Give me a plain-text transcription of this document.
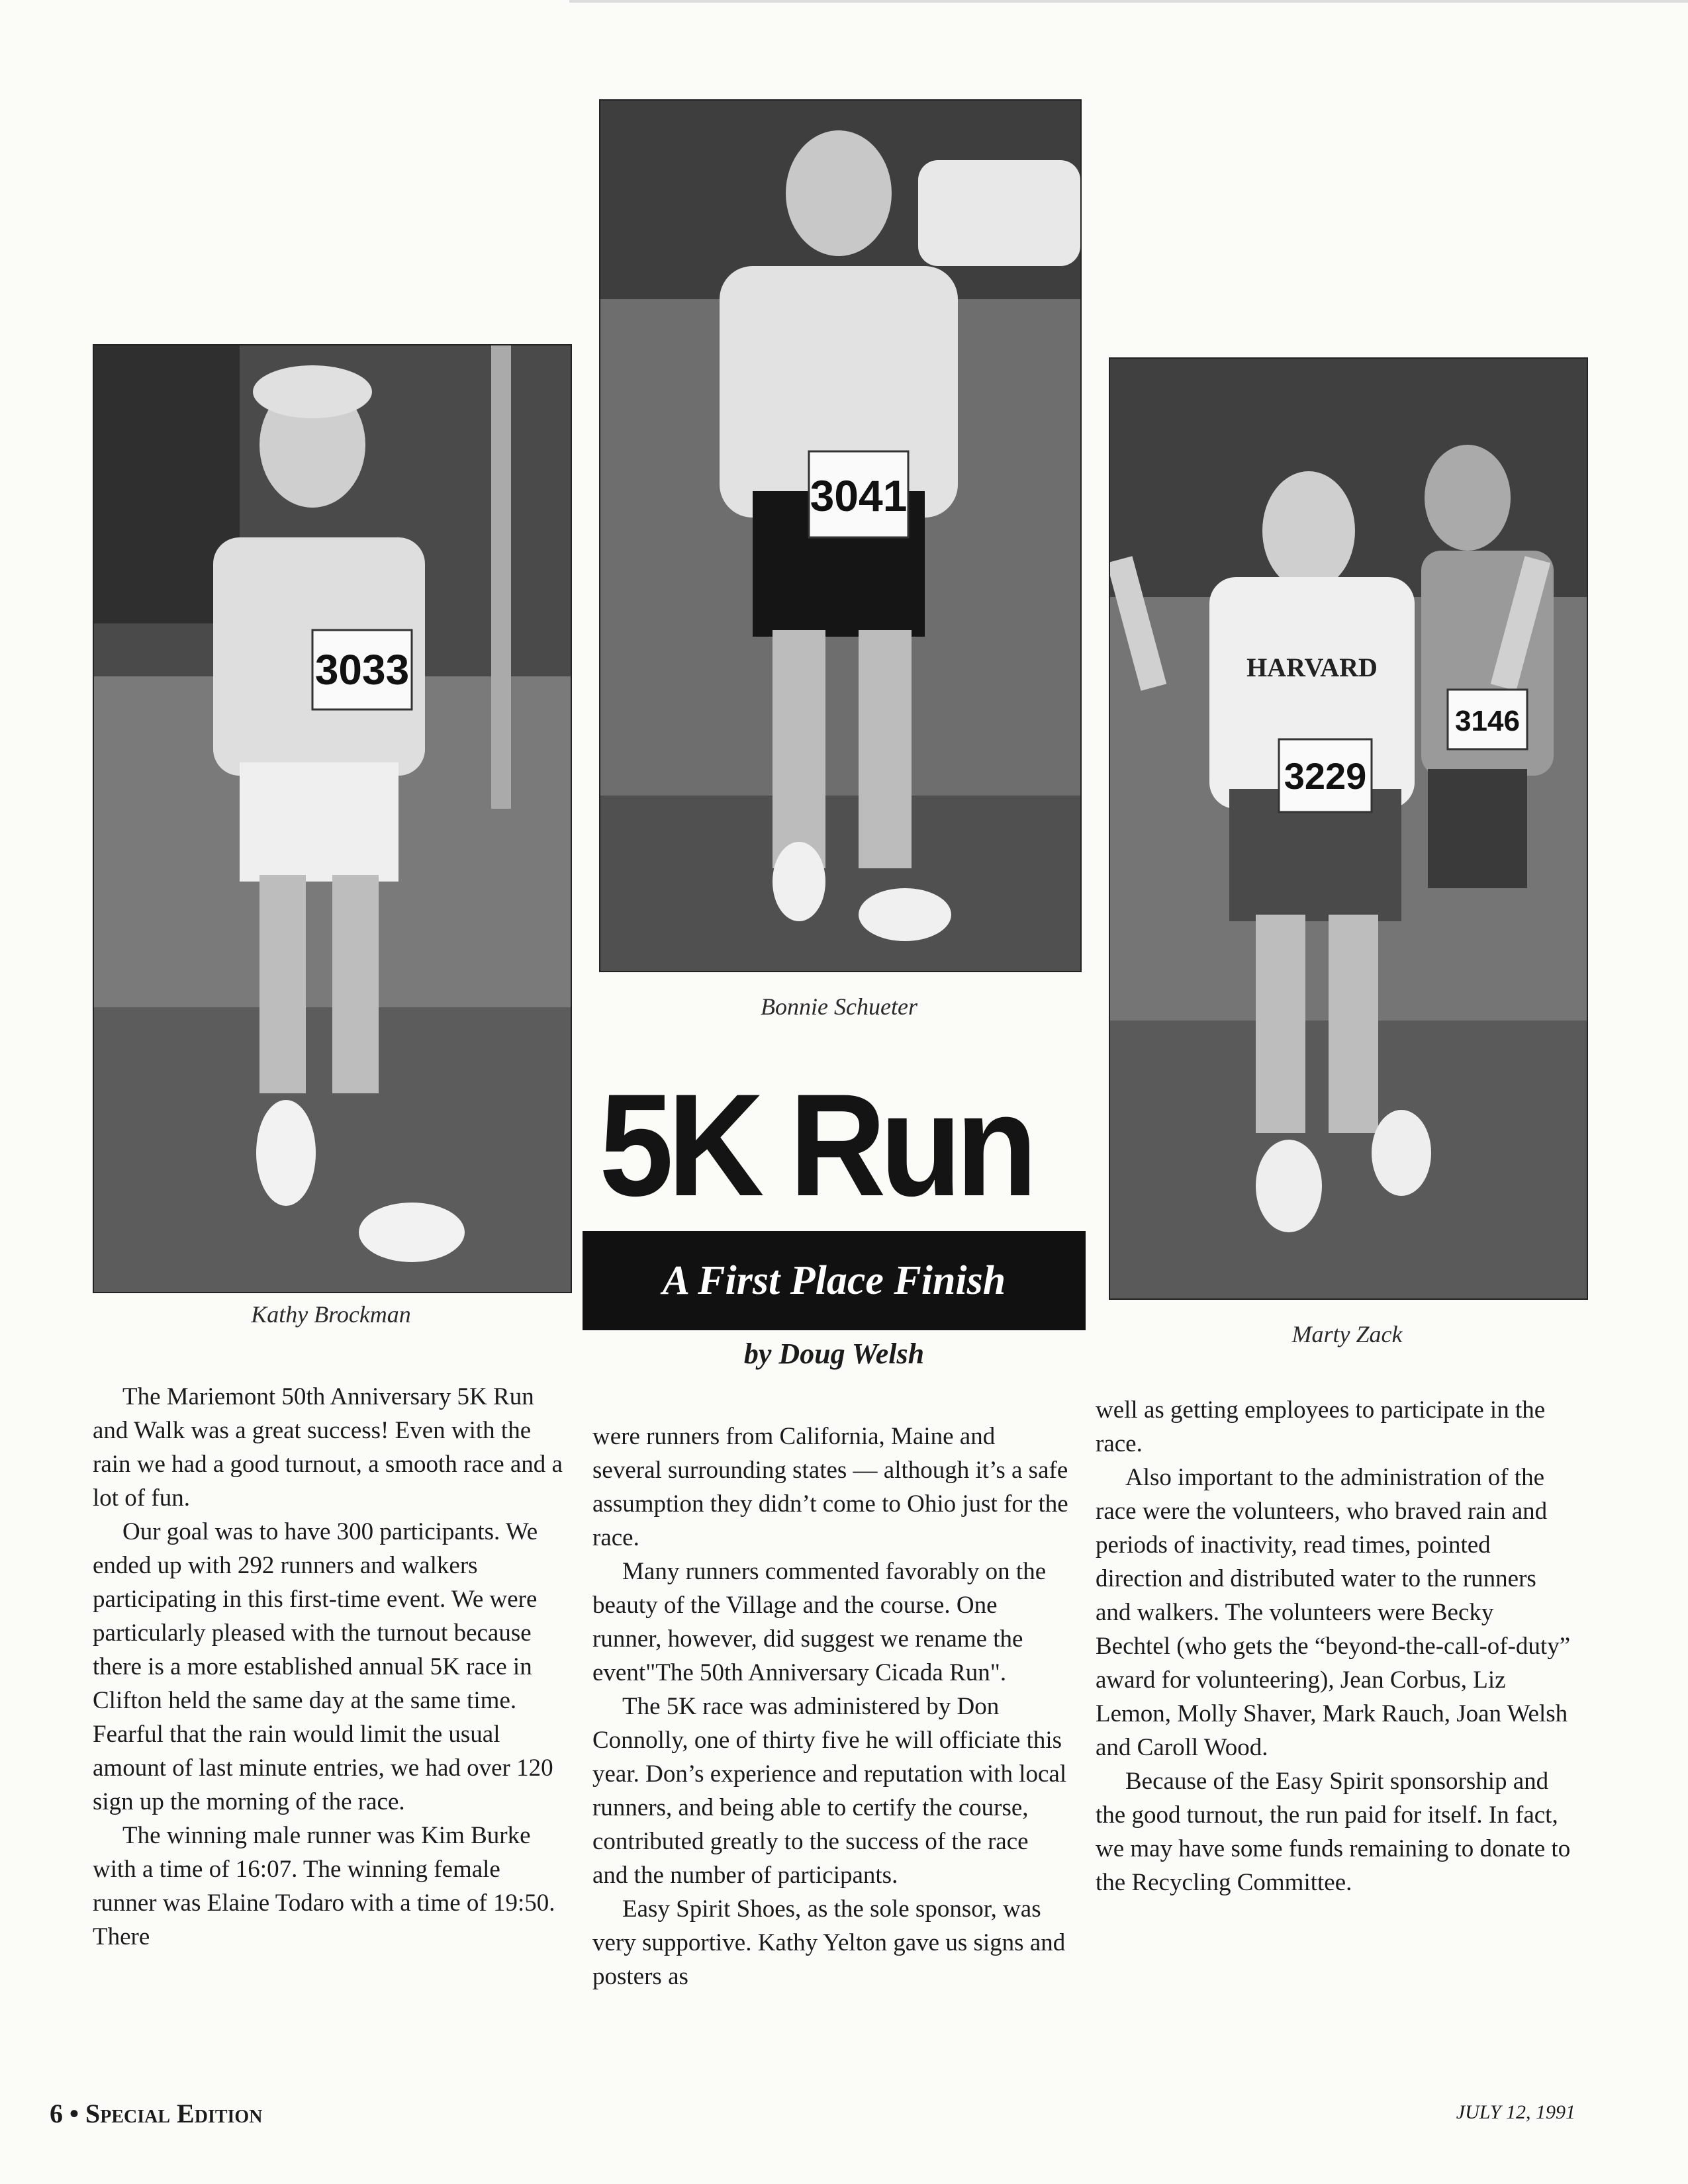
3033
Kathy Brockman
3041
Bonnie Schueter
HARVARD
3229
3146
Marty Zack
5K Run
A First Place Finish
by Doug Welsh

The Mariemont 50th Anniversary 5K Run and Walk was a great success! Even with the rain we had a good turnout, a smooth race and a lot of fun.

Our goal was to have 300 participants. We ended up with 292 runners and walkers participating in this first-time event. We were particularly pleased with the turnout because there is a more established annual 5K race in Clifton held the same day at the same time. Fearful that the rain would limit the usual amount of last minute entries, we had over 120 sign up the morning of the race.

The winning male runner was Kim Burke with a time of 16:07. The winning female runner was Elaine Todaro with a time of 19:50. There

were runners from California, Maine and several surrounding states — although it’s a safe assumption they didn’t come to Ohio just for the race.

Many runners commented favorably on the beauty of the Village and the course. One runner, however, did suggest we rename the event"The 50th Anniversary Cicada Run".

The 5K race was administered by Don Connolly, one of thirty five he will officiate this year. Don’s experience and reputation with local runners, and being able to certify the course, contributed greatly to the success of the race and the number of participants.

Easy Spirit Shoes, as the sole sponsor, was very supportive. Kathy Yelton gave us signs and posters as

well as getting employees to participate in the race.

Also important to the administration of the race were the volunteers, who braved rain and periods of inactivity, read times, pointed direction and distributed water to the runners and walkers. The volunteers were Becky Bechtel (who gets the “beyond-the-call-of-duty” award for volunteering), Jean Corbus, Liz Lemon, Molly Shaver, Mark Rauch, Joan Welsh and Caroll Wood.

Because of the Easy Spirit sponsorship and the good turnout, the run paid for itself. In fact, we may have some funds remaining to donate to the Recycling Committee.

6 • Special Edition	JULY 12, 1991
